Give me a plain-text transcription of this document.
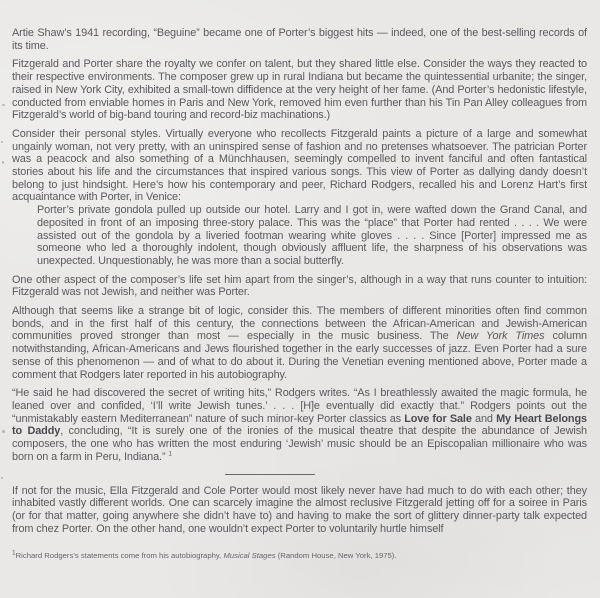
Artie Shaw’s 1941 recording, “Beguine” became one of Porter’s biggest hits — indeed, one of the best-selling records of its time.

Fitzgerald and Porter share the royalty we confer on talent, but they shared little else. Consider the ways they reacted to their respective environments. The composer grew up in rural Indiana but became the quintessential urbanite; the singer, raised in New York City, exhibited a small-town diffidence at the very height of her fame. (And Porter’s hedonistic lifestyle, conducted from enviable homes in Paris and New York, removed him even further than his Tin Pan Alley colleagues from Fitzgerald’s world of big-band touring and record-biz machinations.)

Consider their personal styles. Virtually everyone who recollects Fitzgerald paints a picture of a large and somewhat ungainly woman, not very pretty, with an uninspired sense of fashion and no pretenses whatsoever. The patrician Porter was a peacock and also something of a Münchhausen, seemingly compelled to invent fanciful and often fantastical stories about his life and the circumstances that inspired various songs. This view of Porter as dallying dandy doesn’t belong to just hindsight. Here’s how his contemporary and peer, Richard Rodgers, recalled his and Lorenz Hart’s first acquaintance with Porter, in Venice:

Porter’s private gondola pulled up outside our hotel. Larry and I got in, were wafted down the Grand Canal, and deposited in front of an imposing three-story palace. This was the “place” that Porter had rented . . . . We were assisted out of the gondola by a liveried footman wearing white gloves . . . . Since [Porter] impressed me as someone who led a thoroughly indolent, though obviously affluent life, the sharpness of his observations was unexpected. Unquestionably, he was more than a social butterfly.

One other aspect of the composer’s life set him apart from the singer’s, although in a way that runs counter to intuition: Fitzgerald was not Jewish, and neither was Porter.

Although that seems like a strange bit of logic, consider this. The members of different minorities often find common bonds, and in the first half of this century, the connections between the African-American and Jewish-American communities proved stronger than most — especially in the music business. The New York Times column notwithstanding, African-Americans and Jews flourished together in the early successes of jazz. Even Porter had a sure sense of this phenomenon — and of what to do about it. During the Venetian evening mentioned above, Porter made a comment that Rodgers later reported in his autobiography.

“He said he had discovered the secret of writing hits,” Rodgers writes. “As I breathlessly awaited the magic formula, he leaned over and confided, ‘I’ll write Jewish tunes.’ . . . [H]e eventually did exactly that.” Rodgers points out the “unmistakably eastern Mediterranean” nature of such minor-key Porter classics as Love for Sale and My Heart Belongs to Daddy, concluding, “It is surely one of the ironies of the musical theatre that despite the abundance of Jewish composers, the one who has written the most enduring ‘Jewish’ music should be an Episcopalian millionaire who was born on a farm in Peru, Indiana.” $^1$

If not for the music, Ella Fitzgerald and Cole Porter would most likely never have had much to do with each other; they inhabited vastly different worlds. One can scarcely imagine the almost reclusive Fitzgerald jetting off for a soiree in Paris (or for that matter, going anywhere she didn’t have to) and having to make the sort of glittery dinner-party talk expected from chez Porter. On the other hand, one wouldn’t expect Porter to voluntarily hurtle himself

$^1$Richard Rodgers’s statements come from his autobiography, Musical Stages (Random House, New York, 1975).
